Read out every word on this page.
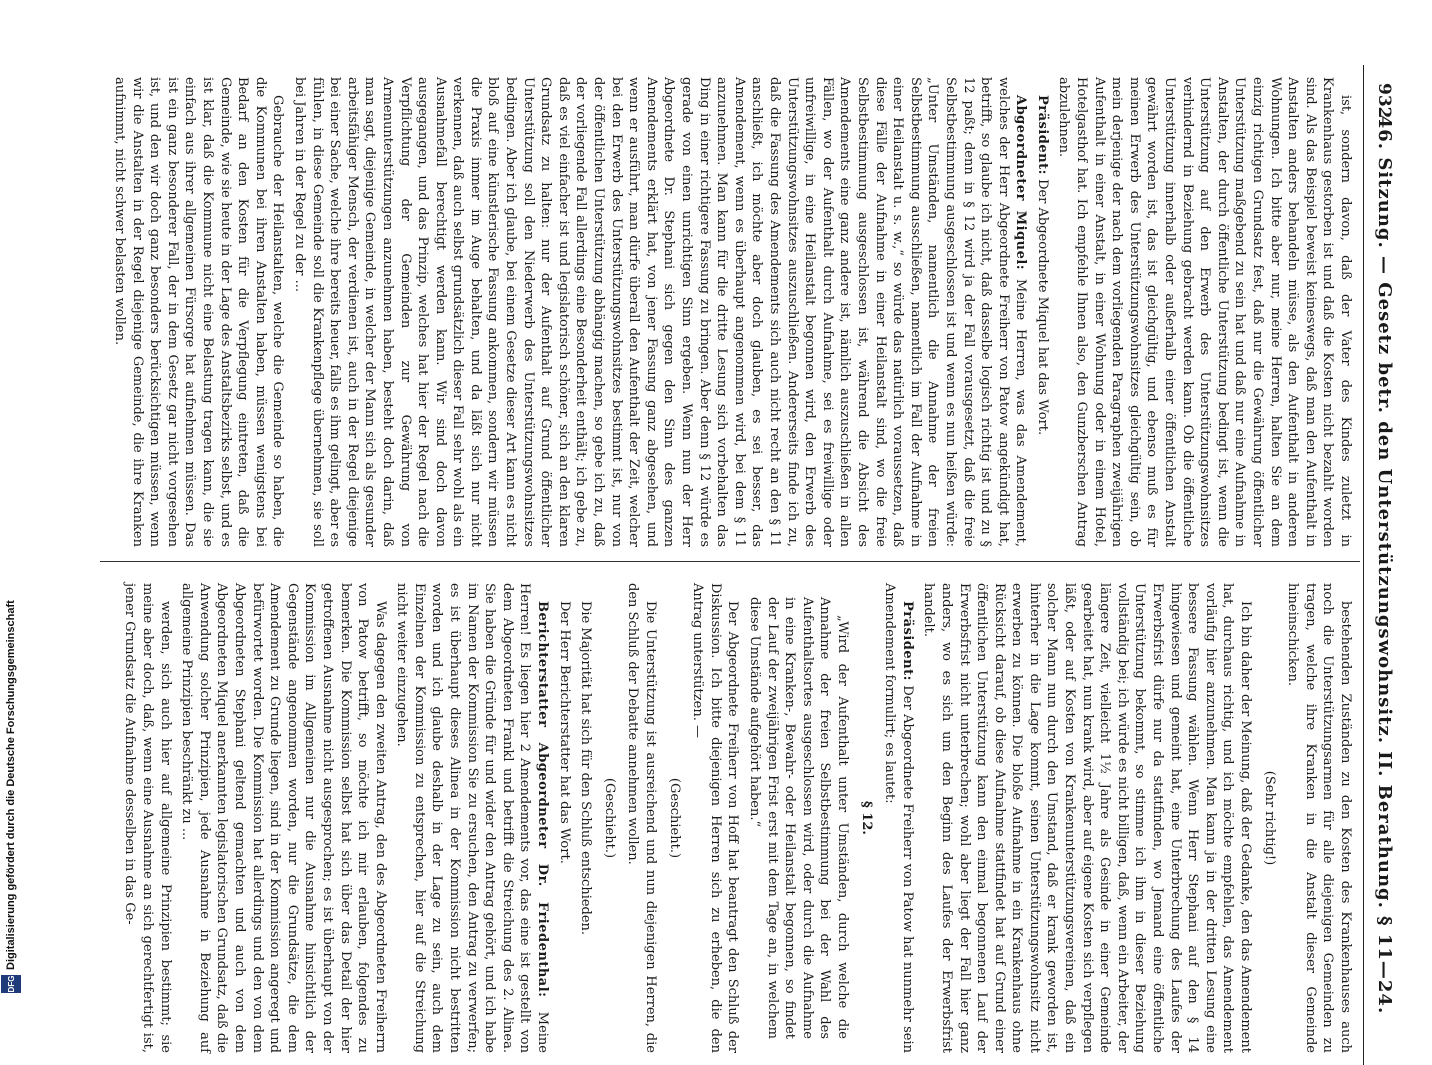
Digitalisierung gefördert durch die Deutsche Forschungsgemeinschaft
DFG
932
46. Sitzung. — Gesetz betr. den Unterstützungswohnsitz. II. Berathung. § 11—24.

ist, sondern davon, daß der Vater des Kindes zuletzt in Krankenhaus gestorben ist und daß die Kosten nicht bezahlt worden sind. Als das Beispiel beweist keineswegs, daß man den Aufenthalt in Anstalten anders behandeln müsse, als den Aufenthalt in anderen Wohnungen. Ich bitte aber nur, meine Herren, halten Sie an dem einzig richtigen Grundsatz fest, daß nur die Gewährung öffentlicher Unterstützung maßgebend zu sein hat und daß nur eine Aufnahme in Anstalten, der durch öffentliche Unterstützung bedingt ist, wenn die Unterstützung auf den Erwerb des Unterstützungswohnsitzes verhindernd in Beziehung gebracht werden kann. Ob die öffentliche Unterstützung innerhalb oder außerhalb einer öffentlichen Anstalt gewährt worden ist, das ist gleichgültig, und ebenso muß es für meinen Erwerb des Unterstützungswohnsitzes gleichgültig sein, ob mein derjenige der nach dem vorliegenden Paragraphen zweijährigen Aufenthalt in einer Anstalt, in einer Wohnung oder in einem Hotel, Hotelgasthof hat. Ich empfehle Ihnen also, den Gunzberschen Antrag abzulehnen.

Präsident: Der Abgeordnete Miquel hat das Wort.

Abgeordneter Miquel: Meine Herren, was das Amendement, welches der Herr Abgeordnete Freiherr von Patow angekündigt hat, betrifft, so glaube ich nicht, daß dasselbe logisch richtig ist und zu § 12 paßt; denn in § 12 wird ja der Fall vorausgesetzt, daß die freie Selbstbestimmung ausgeschlossen ist und wenn es nun heißen würde: „Unter Umständen, namentlich die Annahme der freien Selbstbestimmung ausschließen, namentlich im Fall der Aufnahme in einer Heilanstalt u. s. w.,“ so würde das natürlich voraussetzen, daß diese Fälle der Aufnahme in einer Heilanstalt sind, wo die freie Selbstbestimmung ausgeschlossen ist, während die Absicht des Amendements eine ganz andere ist, nämlich auszuschließen in allen Fällen, wo der Aufenthalt durch Aufnahme, sei es freiwillige oder unfreiwillige, in eine Heilanstalt begonnen wird, den Erwerb des Unterstützungswohnsitzes auszuschließen. Andererseits finde ich zu, daß die Fassung des Amendements sich auch nicht recht an den § 11 anschließt, ich möchte aber doch glauben, es sei besser, das Amendement, wenn es überhaupt angenommen wird, bei dem § 11 anzunehmen. Man kann für die dritte Lesung sich vorbehalten das Ding in einer richtigere Fassung zu bringen. Aber denn § 12 würde es gerade von einen unrichtigen Sinn ergeben. Wenn nun der Herr Abgeordnete Dr. Stephani sich gegen den Sinn des ganzen Amendements erklärt hat, von jener Fassung ganz abgesehen, und wenn er ausführt, man dürfe überall den Aufenthalt der Zeit, welcher bei den Erwerb des Unterstützungswohnsitzes bestimmt ist, nur von der öffentlichen Unterstützung abhängig machen, so gebe ich zu, daß der vorliegende Fall allerdings eine Besonderheit enthält; ich gebe zu, daß es viel einfacher ist und legislatorisch schöner, sich an den klaren Grundsatz zu halten: nur der Aufenthalt auf Grund öffentlicher Unterstützung soll den Niederwerb des Unterstützungswohnsitzes bedingen. Aber ich glaube, bei einem Gesetze dieser Art kann es nicht bloß auf eine künstlerische Fassung ankommen, sondern wir müssen die Praxis immer im Auge behalten, und da läßt sich nur nicht verkennen, daß auch selbst grundsätzlich dieser Fall sehr wohl als ein Ausnahmefall berechtigt werden kann. Wir sind doch davon ausgegangen, und das Prinzip, welches hat hier der Regel nach die Verpflichtung der Gemeinden zur Gewährung von Armenunterstützungen anzunehmen haben, besteht doch darin, daß man sagt, diejenige Gemeinde, in welcher der Mann sich als gesunder arbeitsfähiger Mensch, der verdienen ist, auch in der Regel diejenige bei einer Sache, welche ihre bereits heuer, falls es ihm gelingt, aber es fühlen, in diese Gemeinde soll die Krankenpflege übernehmen, sie soll bei Jahren in der Regel zu der ...

Gebrauche der Heilanstalten, welche die Gemeinde so haben, die die Kommunen bei ihren Anstalten haben, müssen wenigstens bei Bedarf an den Kosten für die Verpflegung eintreten, daß die Gemeinde, wie sie heute in der Lage des Anstaltsbezirks selbst, und es ist klar, daß die Kommune nicht eine Belastung tragen kann, die sie einfach aus ihrer allgemeinen Fürsorge hat aufnehmen müssen. Das ist ein ganz besonderer Fall, der in dem Gesetz gar nicht vorgesehen ist, und den wir doch ganz besonders berücksichtigen müssen, wenn wir die Anstalten in der Regel diejenige Gemeinde, die ihre Kranken aufnimmt, nicht schwer belasten wollen.

bestehenden Zuständen zu den Kosten des Krankenhauses auch noch die Unterstützungsarmen für alle diejenigen Gemeinden zu tragen, welche ihre Kranken in die Anstalt dieser Gemeinde hineinschicken.

(Sehr richtig!)

Ich bin daher der Meinung, daß der Gedanke, den das Amendement hat, durchaus richtig, und ich möchte empfehlen, das Amendement vorläufig hier anzunehmen. Man kann ja in der dritten Lesung eine bessere Fassung wählen. Wenn Herr Stephani auf den § 14 hingewiesen und gemeint hat, eine Unterbrechung des Laufes der Erwerbsfrist dürfe nur da stattfinden, wo Jemand eine öffentliche Unterstützung bekommt, so stimme ich ihm in dieser Beziehung vollständig bei; ich würde es nicht billigen, daß, wenn ein Arbeiter, der längere Zeit, vielleicht 1½ Jahre als Gesinde in einer Gemeinde gearbeitet hat, nun krank wird, aber auf eigene Kosten sich verpflegen läßt, oder auf Kosten von Krankenunterstützungsvereinen, daß ein solcher Mann nun durch den Umstand, daß er krank geworden ist, hinterher in die Lage kommt, seinen Unterstützungswohnsitz nicht erwerben zu können. Die bloße Aufnahme in ein Krankenhaus ohne Rücksicht darauf, ob diese Aufnahme stattfindet hat auf Grund einer öffentlichen Unterstützung kann den einmal begonnenen Lauf der Erwerbsfrist nicht unterbrechen; wohl aber liegt der Fall hier ganz anders, wo es sich um den Beginn des Laufes der Erwerbsfrist handelt.

Präsident: Der Abgeordnete Freiherr von Patow hat nunmehr sein Amendement formulirt; es lautet:

§ 12.

„Wird der Aufenthalt unter Umständen, durch welche die Annahme der freien Selbstbestimmung bei der Wahl des Aufenthaltsortes ausgeschlossen wird, oder durch die Aufnahme in eine Kranken-, Bewahr- oder Heilanstalt begonnen, so findet der Lauf der zweijährigen Frist erst mit dem Tage an, in welchem diese Umstände aufgehört haben.“

Der Abgeordnete Freiherr von Hoff hat beantragt den Schluß der Diskussion. Ich bitte diejenigen Herren sich zu erheben, die den Antrag unterstützen. —

(Geschieht.)

Die Unterstützung ist ausreichend und nun diejenigen Herren, die den Schluß der Debatte annehmen wollen.

(Geschieht.)

Die Majorität hat sich für den Schluß entschieden.

Der Herr Berichterstatter hat das Wort.

Berichterstatter Abgeordneter Dr. Friedenthal: Meine Herren! Es liegen hier 2 Amendements vor, das eine ist gestellt von dem Abgeordneten Frankl und betrifft die Streichung des 2. Alinea. Sie haben die Gründe für und wider den Antrag gehört, und ich habe im Namen der Kommission Sie zu ersuchen, den Antrag zu verwerfen; es ist überhaupt dieses Alinea in der Kommission nicht bestritten worden und ich glaube deshalb in der Lage zu sein, auch dem Einzelnen der Kommission zu entsprechen, hier auf die Streichung nicht weiter einzugehen.

Was dagegen den zweiten Antrag, den des Abgeordneten Freiherrn von Patow betrifft, so möchte ich mir erlauben, folgendes zu bemerken. Die Kommission selbst hat sich über das Detail der hier getroffenen Ausnahme nicht ausgesprochen; es ist überhaupt von der Kommission im Allgemeinen nur die Ausnahme hinsichtlich der Gegenstände angenommen worden, nur die Grundsätze, die dem Amendement zu Grunde liegen, sind in der Kommission angeregt und befürwortet worden. Die Kommission hat allerdings und den von dem Abgeordneten Stephani geltend gemachten und auch von dem Abgeordneten Miquel anerkannten legislatorischen Grundsatz, daß die Anwendung solcher Prinzipien, jede Ausnahme in Beziehung auf allgemeine Prinzipien beschränkt zu ...

werden, sich auch hier auf allgemeine Prinzipien bestimmt; sie meine aber doch, daß, wenn eine Ausnahme an sich gerechtfertigt ist, jener Grundsatz die Aufnahme desselben in das Ge-
